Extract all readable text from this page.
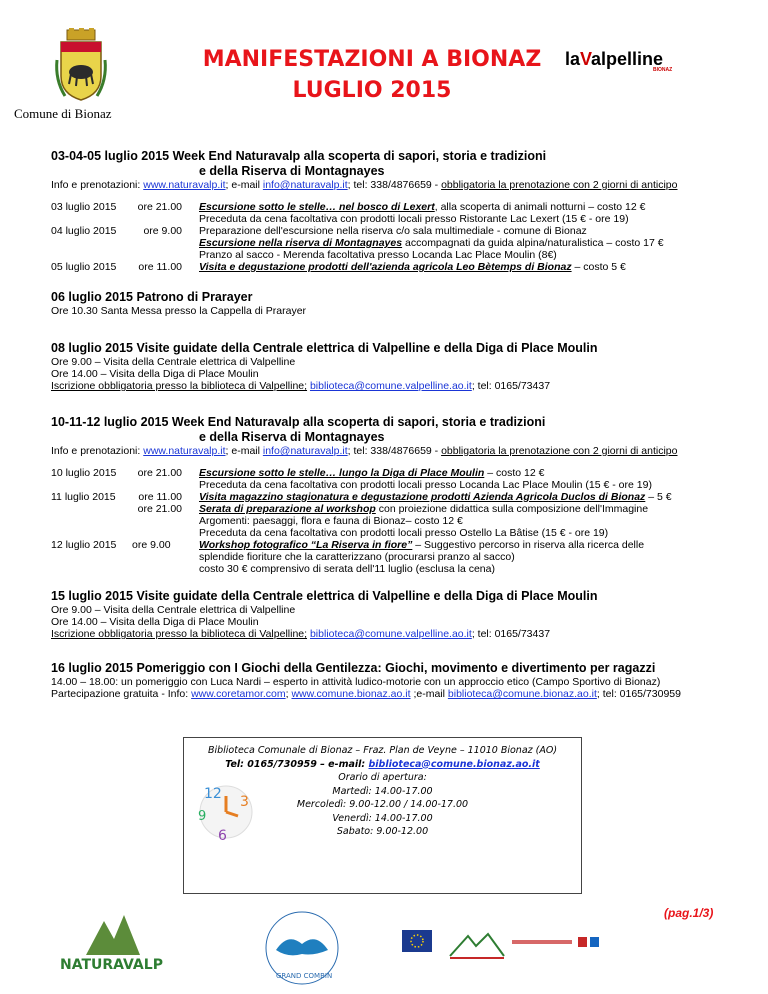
Comune di Bionaz
MANIFESTAZIONI A BIONAZ
LUGLIO 2015
laValpelline
BIONAZ
03-04-05 luglio 2015 Week End Naturavalp alla scoperta di sapori, storia e tradizioni
e della Riserva di Montagnayes
Info e prenotazioni: www.naturavalp.it; e-mail info@naturavalp.it; tel: 338/4876659 - obbligatoria la prenotazione con 2 giorni di anticipo
03 luglio 2015	ore 21.00 Escursione sotto le stelle… nel bosco di Lexert, alla scoperta di animali notturni – costo 12 €
Preceduta da cena facoltativa con prodotti locali presso Ristorante Lac Lexert (15 € - ore 19)
04 luglio 2015	ore 9.00 Preparazione dell'escursione nella riserva c/o sala multimediale - comune di Bionaz
Escursione nella riserva di Montagnayes accompagnati da guida alpina/naturalistica – costo 17 €
Pranzo al sacco - Merenda facoltativa presso Locanda Lac Place Moulin (8€)
05 luglio 2015	ore 11.00 Visita e degustazione prodotti dell'azienda agricola Leo Bètemps di Bionaz – costo 5 €
06 luglio 2015 Patrono di Prarayer
Ore 10.30 Santa Messa presso la Cappella di Prarayer
08 luglio 2015 Visite guidate della Centrale elettrica di Valpelline e della Diga di Place Moulin
Ore 9.00 – Visita della Centrale elettrica di Valpelline
Ore 14.00 – Visita della Diga di Place Moulin
Iscrizione obbligatoria presso la biblioteca di Valpelline; biblioteca@comune.valpelline.ao.it; tel: 0165/73437
10-11-12 luglio 2015 Week End Naturavalp alla scoperta di sapori, storia e tradizioni
e della Riserva di Montagnayes
Info e prenotazioni: www.naturavalp.it; e-mail info@naturavalp.it; tel: 338/4876659 - obbligatoria la prenotazione con 2 giorni di anticipo
10 luglio 2015	ore 21.00 Escursione sotto le stelle… lungo la Diga di Place Moulin – costo 12 €
Preceduta da cena facoltativa con prodotti locali presso Locanda Lac Place Moulin (15 € - ore 19)
11 luglio 2015	ore 11.00 Visita magazzino stagionatura e degustazione prodotti Azienda Agricola Duclos di Bionaz – 5 €
ore 21.00 Serata di preparazione al workshop con proiezione didattica sulla composizione dell'Immagine
Argomenti: paesaggi, flora e fauna di Bionaz– costo 12 €
Preceduta da cena facoltativa con prodotti locali presso Ostello La Bâtise (15 € - ore 19)
12 luglio 2015 ore 9.00	Workshop fotografico “La Riserva in fiore” – Suggestivo percorso in riserva alla ricerca delle
splendide fioriture che la caratterizzano (procurarsi pranzo al sacco)
costo 30 € comprensivo di serata dell'11 luglio (esclusa la cena)
15 luglio 2015 Visite guidate della Centrale elettrica di Valpelline e della Diga di Place Moulin
Ore 9.00 – Visita della Centrale elettrica di Valpelline
Ore 14.00 – Visita della Diga di Place Moulin
Iscrizione obbligatoria presso la biblioteca di Valpelline; biblioteca@comune.valpelline.ao.it; tel: 0165/73437
16 luglio 2015 Pomeriggio con I Giochi della Gentilezza: Giochi, movimento e divertimento per ragazzi
14.00 – 18.00: un pomeriggio con Luca Nardi – esperto in attività ludico-motorie con un approccio etico (Campo Sportivo di Bionaz)
Partecipazione gratuita - Info: www.coretamor.com; www.comune.bionaz.ao.it ;e-mail biblioteca@comune.bionaz.ao.it; tel: 0165/730959
12 3
6
9
Biblioteca Comunale di Bionaz – Fraz. Plan de Veyne – 11010 Bionaz (AO)
Tel: 0165/730959 – e-mail: biblioteca@comune.bionaz.ao.it
Orario di apertura:
Martedì: 14.00-17.00
Mercoledì: 9.00-12.00 / 14.00-17.00
Venerdì: 14.00-17.00
Sabato: 9.00-12.00
(pag.1/3)
NATURAVALP
GRAND COMBIN
